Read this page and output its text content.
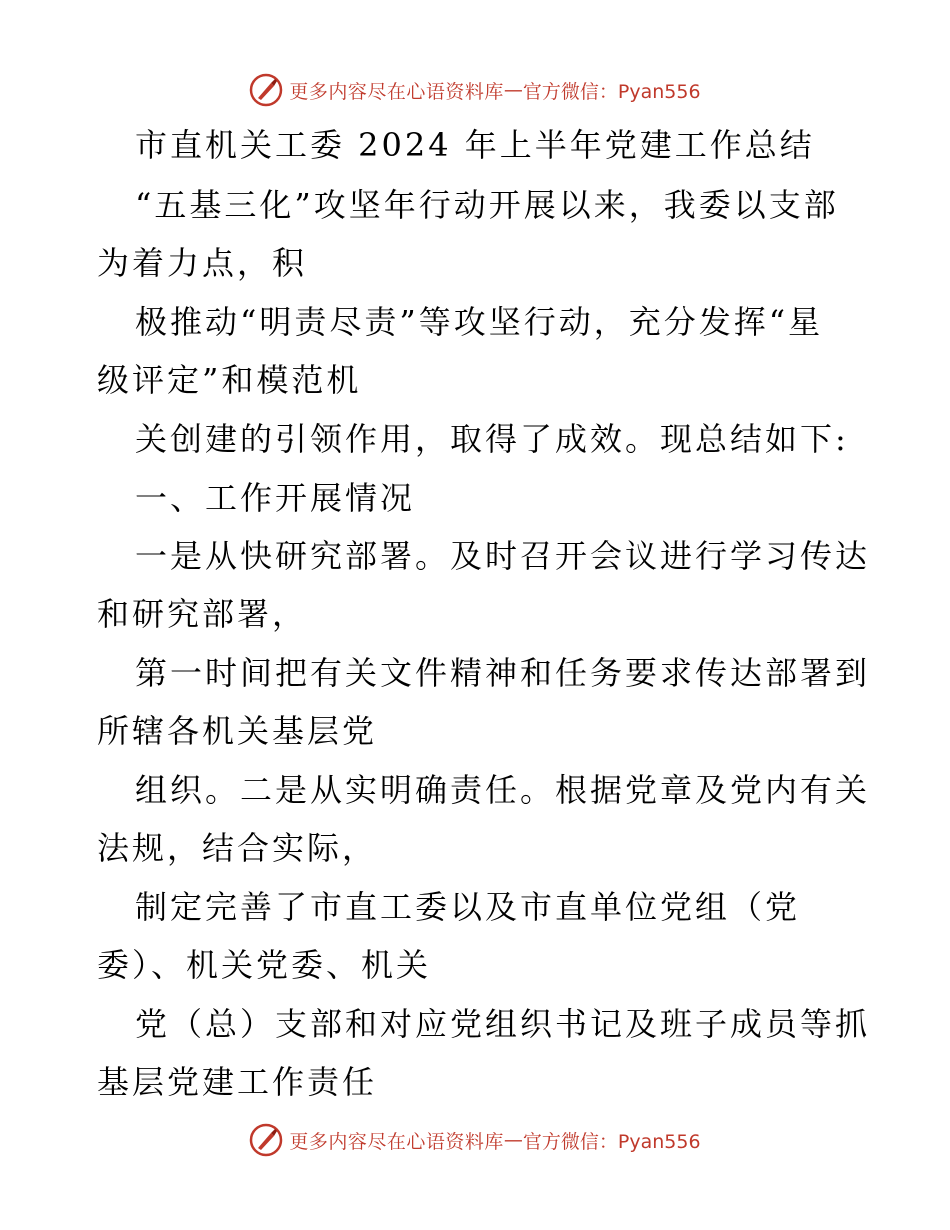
更多内容尽在心语资料库 — 官方微信：Pyan556
市直机关工委 2024 年上半年党建工作总结
“五基三化”攻坚年行动开展以来，我委以支部
为着力点，积
极推动“明责尽责”等攻坚行动，充分发挥“星
级评定”和模范机
关创建的引领作用，取得了成效。现总结如下:
一、工作开展情况
一是从快研究部署。及时召开会议进行学习传达
和研究部署，
第一时间把有关文件精神和任务要求传达部署到
所辖各机关基层党
组织。二是从实明确责任。根据党章及党内有关
法规，结合实际，
制定完善了市直工委以及市直单位党组（党
委）、机关党委、机关
党（总）支部和对应党组织书记及班子成员等抓
基层党建工作责任
更多内容尽在心语资料库 — 官方微信：Pyan556
